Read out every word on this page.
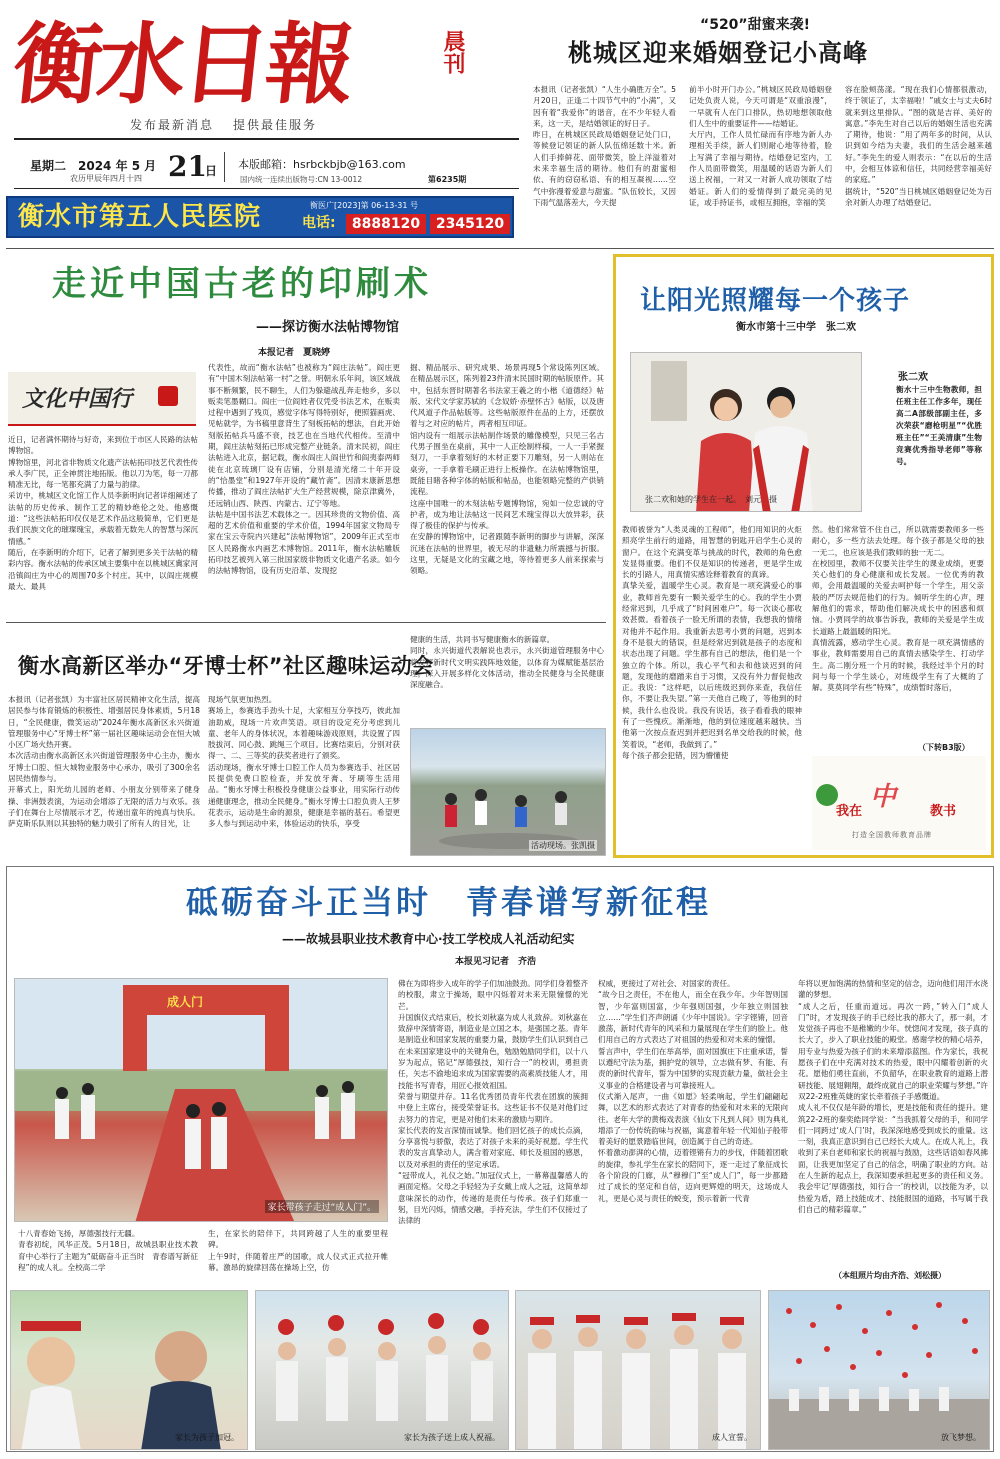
衡水日報	晨刊
发布最新消息 提供最佳服务
星期二 2024 年 5 月
农历甲辰年四月十四 21
日 本版邮箱：hsrbckbjb@163.com
国内统一连续出版物号:CN 13-0012	第6235期
衡水市第五人民医院	衡医广[2023]第 06-13-31 号
电话:	8888120	2345120
“520”甜蜜来袭!
桃城区迎来婚姻登记小高峰
本报讯（记者张凯）“人生小确胜万全”。5月20日，正逢二十四节气中的“小满”，又因有着“我爱你”的谐音，在不少年轻人看来，这一天，是结婚领证的好日子。
昨日，在桃城区民政局婚姻登记处门口，等候登记领证的新人队伍绵延数十米。新人们手捧鲜花、面带微笑，脸上洋溢着对未来幸福生活的期待。他们有的甜蜜相依、有的窃窃私语、有的相互凝视……空气中弥漫着爱意与甜蜜。“队伍较长，又因下雨气温落差大，今天提
前半小时开门办公。”桃城区民政局婚姻登记处负责人说，今天可谓是“双重浪漫”，一早就有人在门口排队，热切地想领取他们人生中的重要证件——结婚证。
大厅内，工作人员忙碌而有序地为新人办理相关手续，新人们则耐心地等待着，脸上写满了幸福与期待。结婚登记室内，工作人员面带微笑，用温暖的话语为新人们送上祝福，一对又一对新人成功领取了结婚证。新人们的爱情得到了最完美的见证，或手持证书，或相互拥抱，幸福的笑
容在脸颊荡漾。“现在我们心情都很激动，终于领证了，太幸福啦！”戚女士与丈夫6时就来到这里排队。“图的就是吉祥、美好的寓意。”李先生对自己以后的婚姻生活也充满了期待，他说：“用了两年多的时间，从认识到如今结为夫妻，我们的生活会越来越好。”李先生的爱人则表示：“在以后的生活中，会相互体谅和信任，共同经营幸福美好的家庭。”
据统计，“520”当日桃城区婚姻登记处为百余对新人办理了结婚登记。
走近中国古老的印刷术
——探访衡水法帖博物馆
本报记者　夏晓婷
文化中国行
近日，记者满怀期待与好奇，来到位于市区人民路的法帖博物馆。
博物馆里，河北省非物质文化遗产法帖拓印技艺代表性传承人李广民，正全神贯注地拓版。他以刀为笔，每一刀都精准无比，每一笔都充满了力量与韵律。
采访中，桃城区文化馆工作人员李新明向记者详细阐述了法帖的历史传承、制作工艺的精妙绝伦之处。他感慨道：“这些法帖拓印仅仅是艺术作品这般简单，它们更是我们民族文化的璀璨瑰宝，承载着无数先人的智慧与深沉情感。”
随后，在李新明的介绍下，记者了解到更多关于法帖的精彩内容。衡水法帖的传承区域主要集中在以桃城区冀家河沿镇阎庄为中心的周围70多个村庄。其中，以阎庄规模最大、最具
代表性，故而“衡水法帖”也被称为“阎庄法帖”。阎庄更有“中国木刻法帖第一村”之誉。明朝永乐年间，该区域战事不断频繁，民不聊生，人们为躲避战乱奔走他乡，多以贩卖笔墨糊口。阎庄一位阎姓者仅凭受书法艺术，在贩卖过程中遇到了残页，感觉字体写得特别好，便照猫画虎、见帖就学，为书稿里意背生了刻板拓帖的想法，自此开始刻版拓帖兵马盛不衰，技艺也在当地代代相传。至清中期，阎庄法帖刻拓已形成完整产业链条。清末民初，阎庄法帖进入北京，据记载，衡水阎庄人阎世竹和阎夷泰两师徒在北京琉璃厂设有店铺，分别是清光绪二十年开设的“恰墨堂”和1927年开设的“藏竹斋”。因清末康新思想传播，推动了阎庄法帖扩大生产经营规模，除京津冀外，还远销山西、陕西、内蒙古、辽宁等地。
法帖是中国书法艺术载体之一。因其珍贵的文物价值、高超的艺术价值和重要的学术价值，1994年国家文物局专家在宝云寺院内兴建起“法帖博物馆”，2009年正式至市区人民路衡水内画艺术博物馆。2011年，衡水法帖雕版拓印技艺被列入第三批国家级非物质文化遗产名录。如今的法帖博物馆，设有历史沿革、发现挖
掘、精品展示、研究成果、场景再现5个常设陈列区域。在精品展示区，陈列着23件清末民国时期的帖版原件。其中，包括东晋时期著名书法家王羲之的小楷《道德经》帖版、宋代文学家苏轼的《念奴娇·赤壁怀古》帖版，以及唐代风道子作品帖版等。这些帖版原件在品的上方，还摆放着与之对应的帖片，两者相互印证。
馆内设有一组展示法帖制作场景的雕像模型，只见三名古代男子围坐在桌前，其中一人正绘制样稿，一人一手紧握刻刀，一手拿着刻好的木材正要下刀雕刻，另一人则站在桌旁，一手拿着毛刷正进行上板操作。在法帖博物馆里，既能目睹各种字体的帖版和帖品，也能领略完整的产供销流程。
这座中国唯一的木刻法帖专题博物馆，宛如一位忠诚的守护者，成为地让法帖这一民间艺术瑰宝得以大放异彩，获得了极佳的保护与传承。
在安静的博物馆中，记者跟随李新明的脚步与讲解，深深沉迷在法帖的世界里，被无尽的非遗魅力所震撼与折服。这里，无疑是文化的宝藏之地，等待着更多人前来探索与领略。
衡水高新区举办“牙博士杯”社区趣味运动会
本报讯（记者张凯）为丰富社区居民精神文化生活，提高居民参与体育锻炼的积极性、增强居民身体素质，5月18日，“全民健康，微笑运动”2024年衡水高新区永兴街道管理服务中心“牙博士杯”第一届社区趣味运动会在恒大城小区广场火热开赛。
本次活动由衡水高新区永兴街道管理服务中心主办，衡水牙博士口腔、恒大城物业服务中心承办，吸引了300余名居民热情参与。
开幕式上，阳光幼儿园的老师、小朋友分别带来了健身操、非洲鼓表演，为运动会增添了无限的活力与欢乐。孩子们在舞台上尽情展示才艺，传递出童年的纯真与快乐。萨克斯乐队则以其独特的魅力吸引了所有人的目光，让
现场气氛更加热烈。
赛场上，参赛选手劲头十足，大家相互分享技巧，彼此加油助威，现场一片欢声笑语。项目的设定充分考虑到儿童、老年人的身体状况，本着趣味游戏原则，共设置了四肢拔河、同心鼓、跳绳三个项目。比赛结束后，分别对获得一、二、三等奖的获奖者进行了颁奖。
活动现场，衡水牙博士口腔工作人员为参赛选手、社区居民提供免费口腔检查，并发放牙膏、牙刷等生活用品。“衡水牙博士积极投身健康公益事业，用实际行动传递健康理念，推动全民健身。”衡水牙博士口腔负责人王梦花表示，运动是生命的源泉，健康是幸福的基石。希望更多人参与到运动中来，体验运动的快乐，享受
健康的生活，共同书写健康衡水的新篇章。
同时，永兴街道代表解说也表示，永兴街道管理服务中心将发挥新时代文明实践阵地效能，以体育为媒赋能基层治理，深入开展多样化文体活动，推动全民健身与全民健康深度融合。
活动现场。张凯摄
让阳光照耀每一个孩子
衡水市第十三中学　张二欢
张二欢和她的学生在一起。　刘元　摄
张二欢
衡水十三中生物教师，担任班主任工作多年，现任高二A部级部副主任，多次荣获“磨枪明星”“优胜班主任”“王美清康”生物竞赛优秀指导老师”等称号。
教师被誉为“人类灵魂的工程师”，他们用知识的火炬照亮学生前行的道路，用智慧的钥匙开启学生心灵的窗户。在这个充满变革与挑战的时代，教师的角色愈发显得重要。他们不仅是知识的传递者，更是学生成长的引路人，用真情实感诠释着教育的真谛。
真挚关爱，温暖学生心灵。教育是一项充满爱心的事业，教师首先要有一颗关爱学生的心。我的学生小贾经常迟到，几乎成了“时间困难户”。每一次谈心都收效甚微。看着孩子一脸无所谓的表情，我想我的情绪对他并不起作用。我重新去思考小贾的问题，迟到本身不是很大的错误，但是经常迟到就是孩子的态度和状态出现了问题。学生都有自己的想法，他们是一个独立的个体。所以，我心平气和去和他谈迟到的问题，发现他的磨蹭来自于习惯，又没有外力督促他改正。我说：“这样吧，以后班级迟到你来查，我信任你，不要让我失望。”第一天他自己晚了，等他到的时候，我什么也没说。我没有说话，孩子看看我的眼神有了一些愧疚。渐渐地，他的到位速度越来越快。当他第一次按点查迟到并把迟到名单交给我的时候，他笑着说，“老师，我做到了。”
每个孩子都会犯错，因为懵懂使
然。他们常常管不住自己，所以就需要教师多一些耐心，多一些方法去处理。每个孩子都是父母的独一无二，也应该是我们教师的独一无二。
在校园里，教师不仅要关注学生的课业成绩，更要关心他们的身心健康和成长发展。一位优秀的教师，会用最温暖的关爱去呵护每一个学生，用父亲般的严厉去规范他们的行为。倾听学生的心声，理解他们的需求，帮助他们解决成长中的困惑和烦恼。小贾同学的故事告诉我，教师的关爱是学生成长道路上最温暖的阳光。
真情流露，感动学生心灵。教育是一项充满情感的事业，教师需要用自己的真情去感染学生、打动学生。高二刚分班一个月的时候，我经过半个月的时间与每一个学生谈心，对班级学生有了大概的了解。莫莫同学有些“特殊”，成绩暂时落后，
（下转B3版）
我在 中	教书
打造全国教师教育品牌
砥砺奋斗正当时　青春谱写新征程
——故城县职业技术教育中心·技工学校成人礼活动纪实
本报见习记者　齐浩
成人门
家长带孩子走过“成人门”。
十八青春始飞扬，厚德强技行无疆。
青春初绽，风华正茂。5月18日，故城县职业技术教育中心举行了主题为“砥砺奋斗正当时　青春谱写新征程”的成人礼。全校高二学
生，在家长的陪伴下，共同跨越了人生的重要里程碑。
上午9时，伴随着庄严的国歌，成人仪式正式拉开帷幕。激昂的旋律回荡在操场上空，仿
佛在为即将步入成年的学子们加油鼓劲。同学们身着整齐的校服，肃立于操场，眼中闪烁着对未来无限憧憬的光芒。
升国旗仪式结束后，校长刘秋嘉为成人礼致辞。刘秋嘉在致辞中深情寄语，制造业是立国之本，是强国之基。青年是制造业和国家发展的重要力量，鼓励学生们认识到自己在未来国家建设中的关键角色，勉励勉励同学们，以十八岁为起点，铭记“厚德强技，知行合一”的校训，勇担责任，矢志不渝地追求成为国家需要的高素质技能人才，用技能书写青春，用匠心报效祖国。
荣誉与期望并存。11名优秀团员青年代表在团旗的簇拥中登上主席台，接受荣誉证书。这些证书不仅是对他们过去努力的肯定，更是对他们未来的激励与期许。
家长代表的发言深情而诚挚。他们回忆孩子的成长点滴，分享喜悦与骄傲，表达了对孩子未来的美好祝愿。学生代表的发言真挚动人，满含着对家庭、师长及祖国的感恩，以及对承担的责任的坚定承诺。
“冠带成人，礼仪之始。”加冠仪式上，一幕幕温馨感人的画面定格。父母之手轻轻为子女戴上成人之冠，这简单却意味深长的动作，传递的是责任与传承。孩子们郑重一躬，目光闪烁，情感交融，手持充法，学生们不仅接过了法律的
权威，更接过了对社会、对国家的责任。
“故今日之责任，不在他人，而全在我少年。少年智则国智，少年富则国富，少年强则国强，少年独立则国独立……”学生们齐声朗诵《少年中国说》。字字铿锵，回音激荡，新时代青年的风采和力量展现在学生们的脸上。他们用自己的方式表达了对祖国的热爱和对未来的憧憬。
誓言声中，学生们在举高举，面对国旗庄下庄重承诺，誓以遵纪守法为基，拥护党的领导，立志做有梦、有能、有责的新时代青年，誓为中国梦的实现贡献力量，做社会主义事业的合格建设者与可靠接班人。
仪式渐入尾声，一曲《如愿》轻柔响起，学生们翩翩起舞，以艺术的形式表达了对青春的热爱和对未来的无限向往。老年大学的黄梅戏表演《仙女下凡到人间》则为典礼增添了一份传统韵味与祝福，寓意着年轻一代知仙子般带着美好的愿景踏临世间，创造属于自己的奇迹。
怀着激动澎湃的心情，迈着铿锵有力的步伐，伴随着团歌的旋律，参礼学生在家长的陪同下，逐一走过了象征成长各个阶段的门廊，从“穆穆门”至“成人门”，每一步都踏过了成长的坚定和自信，迈向更辉煌的明天，这场成人礼，更是心灵与责任的蜕变，预示着新一代青
年将以更加饱满的热情和坚定的信念，迈向他们用汗水浇灌的梦想。
“成人之后，任重而道远。再次一跨，”转入门“成人门”时，才发现孩子的手已经比我的都大了，那一刹，才发觉孩子再也不是稚嫩的少年。恍惚间才发现，孩子真的长大了，步入了职业技能的殿堂。感谢学校的精心培养，用专业与热爱为孩子们的未来增添蓝图。作为家长，我祝愿孩子们在中充满对技术的热爱，眼中闪耀着创新的火花。愿他们勇往直前，不负韶华，在职业教育的道路上潜研技能、展翅翱翔，最终成就自己的职业荣耀与梦想。”许双22-2班雅英婕的家长牵着孩子手感慨道。
成人礼不仅仅是年龄的增长，更是技能和责任的提升。建筑22-2班的秦奕皓同学说：“当我抓着父母的手，和同学们一同跨过‘成人门’时，我深深地感受到成长的重量。这一刻，我真正意识到自己已经长大成人。在成人礼上，我收到了来自老师和家长的祝福与鼓励，这些话语如春风拂面，让我更加坚定了自己的信念，明确了职业的方向。站在人生新的起点上，我深知要承担起更多的责任和义务。我会牢记‘厚德强技，知行合一’的校训，以技能为矛，以热爱为盾，踏上技能成才、技能报国的道路，书写属于我们自己的精彩篇章。”
（本组照片均由齐浩、刘松摄）
家长为孩子加冠。	家长为孩子送上成人祝福。	成人宣誓。	放飞梦想。
